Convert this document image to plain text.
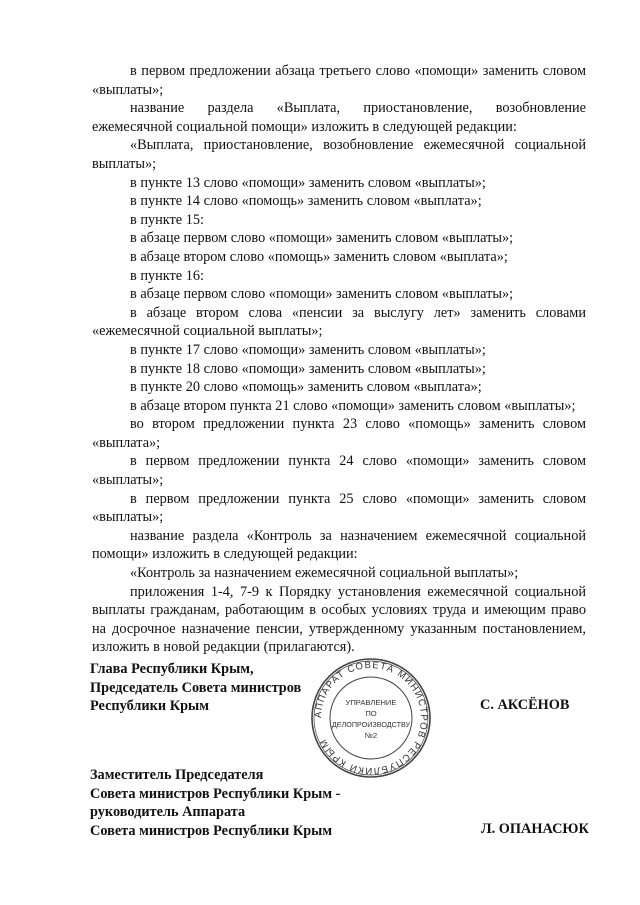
в первом предложении абзаца третьего слово «помощи» заменить словом «выплаты»;

название раздела «Выплата, приостановление, возобновление ежемесячной социальной помощи» изложить в следующей редакции:

«Выплата, приостановление, возобновление ежемесячной социальной выплаты»;

в пункте 13 слово «помощи» заменить словом «выплаты»;

в пункте 14 слово «помощь» заменить словом «выплата»;

в пункте 15:

в абзаце первом слово «помощи» заменить словом «выплаты»;

в абзаце втором слово «помощь» заменить словом «выплата»;

в пункте 16:

в абзаце первом слово «помощи» заменить словом «выплаты»;

в абзаце втором слова «пенсии за выслугу лет» заменить словами «ежемесячной социальной выплаты»;

в пункте 17 слово «помощи» заменить словом «выплаты»;

в пункте 18 слово «помощи» заменить словом «выплаты»;

в пункте 20 слово «помощь» заменить словом «выплата»;

в абзаце втором пункта 21 слово «помощи» заменить словом «выплаты»;

во втором предложении пункта 23 слово «помощь» заменить словом «выплата»;

в первом предложении пункта 24 слово «помощи» заменить словом «выплаты»;

в первом предложении пункта 25 слово «помощи» заменить словом «выплаты»;

название раздела «Контроль за назначением ежемесячной социальной помощи» изложить в следующей редакции:

«Контроль за назначением ежемесячной социальной выплаты»;

приложения 1-4, 7-9 к Порядку установления ежемесячной социальной выплаты гражданам, работающим в особых условиях труда и имеющим право на досрочное назначение пенсии, утвержденному указанным постановлением, изложить в новой редакции (прилагаются).

Глава Республики Крым,
Председатель Совета министров
Республики Крым	С. АКСЁНОВ
АППАРАТ СОВЕТА МИНИСТРОВ РЕСПУБЛИКИ КРЫМ
УПРАВЛЕНИЕ
ПО
ДЕЛОПРОИЗВОДСТВУ
№2
Заместитель Председателя
Совета министров Республики Крым -
руководитель Аппарата
Совета министров Республики Крым	Л. ОПАНАСЮК
